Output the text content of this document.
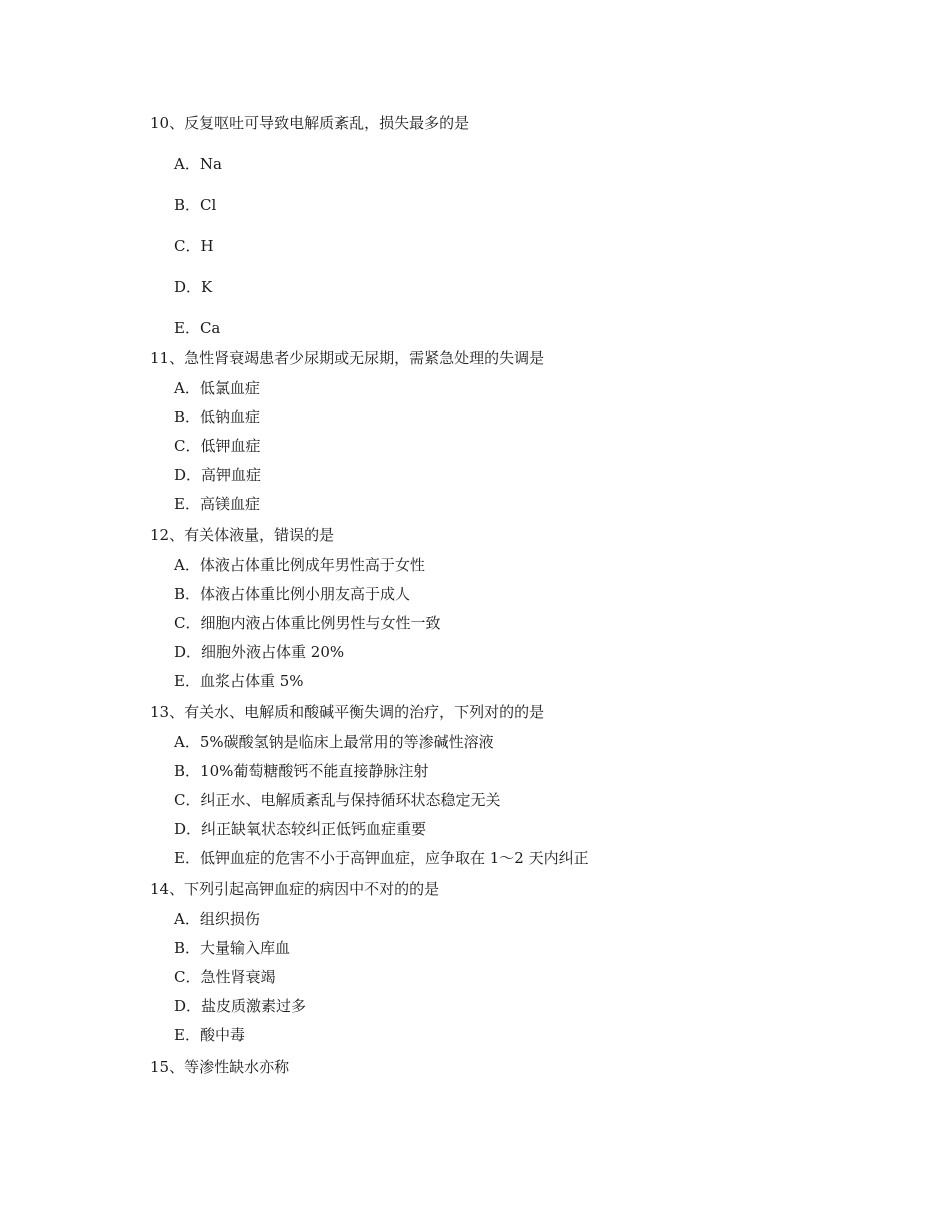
10、反复呕吐可导致电解质紊乱，损失最多的是
A．Na
B．Cl
C．H
D．K
E．Ca
11、急性肾衰竭患者少尿期或无尿期，需紧急处理的失调是
A．低氯血症
B．低钠血症
C．低钾血症
D．高钾血症
E．高镁血症
12、有关体液量，错误的是
A．体液占体重比例成年男性高于女性
B．体液占体重比例小朋友高于成人
C．细胞内液占体重比例男性与女性一致
D．细胞外液占体重 20%
E．血浆占体重 5%
13、有关水、电解质和酸碱平衡失调的治疗，下列对的的是
A．5%碳酸氢钠是临床上最常用的等渗碱性溶液
B．10%葡萄糖酸钙不能直接静脉注射
C．纠正水、电解质紊乱与保持循环状态稳定无关
D．纠正缺氧状态较纠正低钙血症重要
E．低钾血症的危害不小于高钾血症，应争取在 1～2 天内纠正
14、下列引起高钾血症的病因中不对的的是
A．组织损伤
B．大量输入库血
C．急性肾衰竭
D．盐皮质激素过多
E．酸中毒
15、等渗性缺水亦称
